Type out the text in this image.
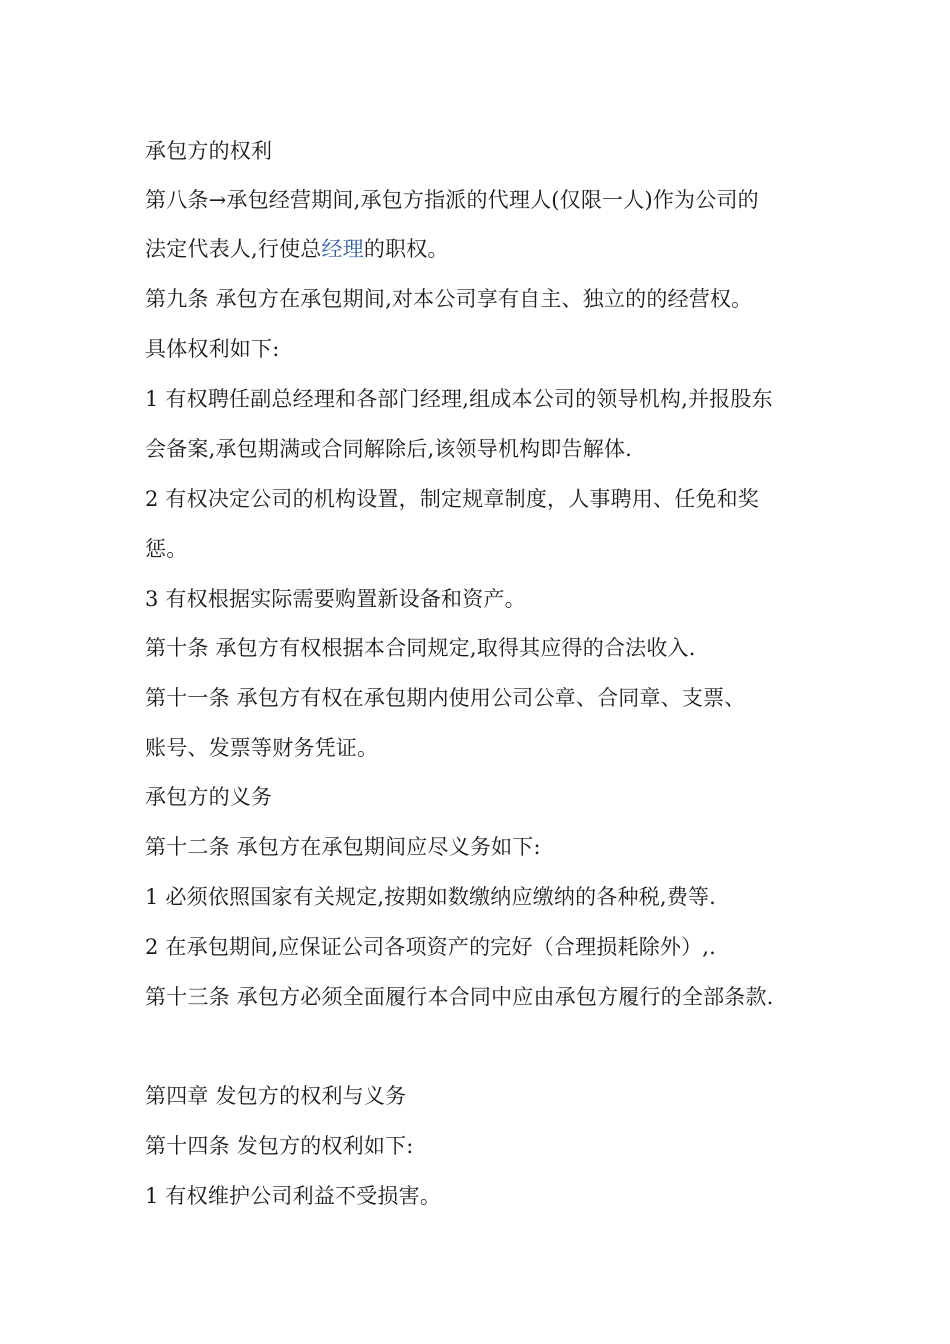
承包方的权利
第八条→承包经营期间,承包方指派的代理人(仅限一人)作为公司的
法定代表人,行使总经理的职权。
第九条 承包方在承包期间,对本公司享有自主、独立的的经营权。
具体权利如下:
1 有权聘任副总经理和各部门经理,组成本公司的领导机构,并报股东
会备案,承包期满或合同解除后,该领导机构即告解体.
2 有权决定公司的机构设置，制定规章制度，人事聘用、任免和奖
惩。
3 有权根据实际需要购置新设备和资产。
第十条 承包方有权根据本合同规定,取得其应得的合法收入.
第十一条 承包方有权在承包期内使用公司公章、合同章、支票、
账号、发票等财务凭证。
承包方的义务
第十二条 承包方在承包期间应尽义务如下:
1 必须依照国家有关规定,按期如数缴纳应缴纳的各种税,费等.
2 在承包期间,应保证公司各项资产的完好（合理损耗除外）,.
第十三条 承包方必须全面履行本合同中应由承包方履行的全部条款.
第四章 发包方的权利与义务
第十四条 发包方的权利如下:
1 有权维护公司利益不受损害。
